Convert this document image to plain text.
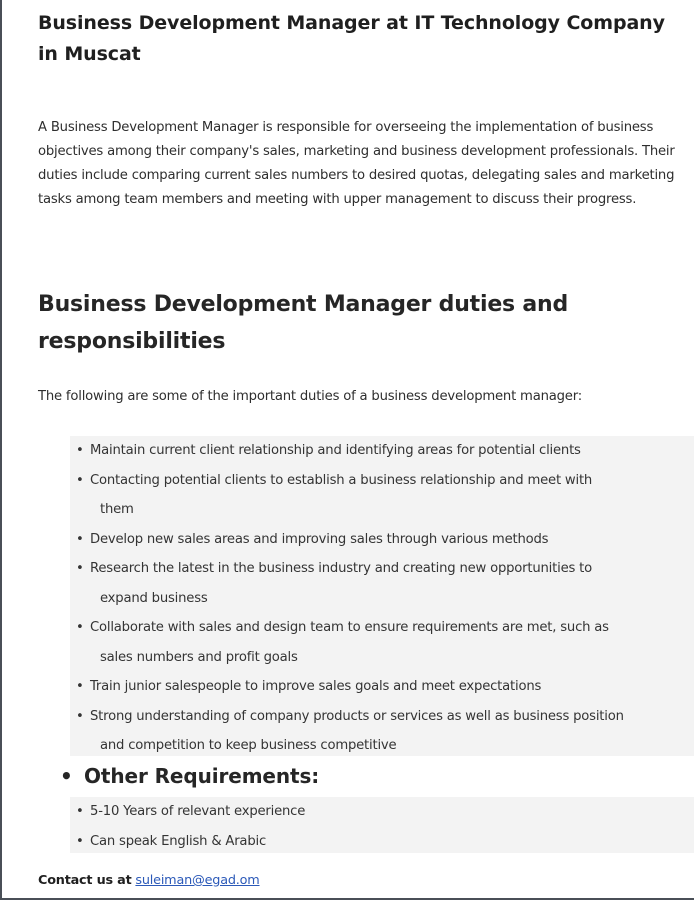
Business Development Manager at IT Technology Company in Muscat

A Business Development Manager is responsible for overseeing the implementation of business objectives among their company's sales, marketing and business development professionals. Their duties include comparing current sales numbers to desired quotas, delegating sales and marketing tasks among team members and meeting with upper management to discuss their progress.

Business Development Manager duties and responsibilities

The following are some of the important duties of a business development manager:

• Maintain current client relationship and identifying areas for potential clients
• Contacting potential clients to establish a business relationship and meet with
them
• Develop new sales areas and improving sales through various methods
• Research the latest in the business industry and creating new opportunities to
expand business
• Collaborate with sales and design team to ensure requirements are met, such as
sales numbers and profit goals
• Train junior salespeople to improve sales goals and meet expectations
• Strong understanding of company products or services as well as business position
and competition to keep business competitive
• Other Requirements:
• 5-10 Years of relevant experience
• Can speak English & Arabic

Contact us at suleiman@egad.om
